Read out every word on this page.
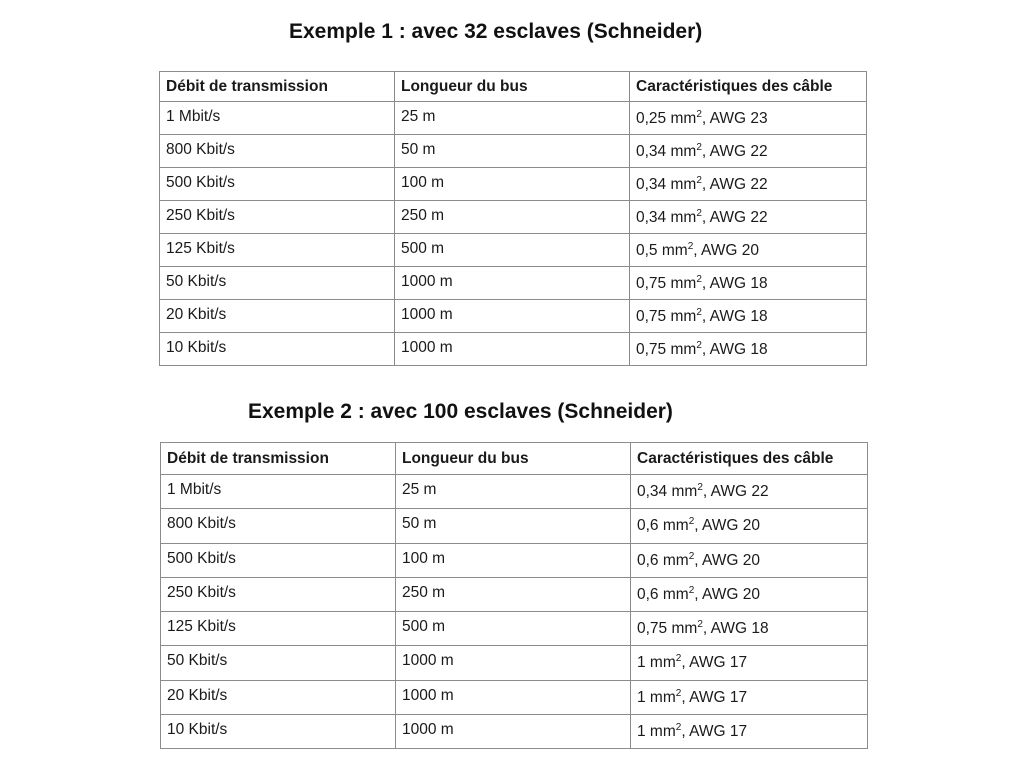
Exemple 1 : avec 32 esclaves (Schneider)
Débit de transmission	Longueur du bus	Caractéristiques des câble
1 Mbit/s	25 m	0,25 $mm^2$, AWG 23
800 Kbit/s	50 m	0,34 $mm^2$, AWG 22
500 Kbit/s	100 m	0,34 $mm^2$, AWG 22
250 Kbit/s	250 m	0,34 $mm^2$, AWG 22
125 Kbit/s	500 m	0,5 $mm^2$, AWG 20
50 Kbit/s	1000 m	0,75 $mm^2$, AWG 18
20 Kbit/s	1000 m	0,75 $mm^2$, AWG 18
10 Kbit/s	1000 m	0,75 $mm^2$, AWG 18
Exemple 2 : avec 100 esclaves (Schneider)
Débit de transmission	Longueur du bus	Caractéristiques des câble
1 Mbit/s	25 m	0,34 $mm^2$, AWG 22
800 Kbit/s	50 m	0,6 $mm^2$, AWG 20
500 Kbit/s	100 m	0,6 $mm^2$, AWG 20
250 Kbit/s	250 m	0,6 $mm^2$, AWG 20
125 Kbit/s	500 m	0,75 $mm^2$, AWG 18
50 Kbit/s	1000 m	1 $mm^2$, AWG 17
20 Kbit/s	1000 m	1 $mm^2$, AWG 17
10 Kbit/s	1000 m	1 $mm^2$, AWG 17
